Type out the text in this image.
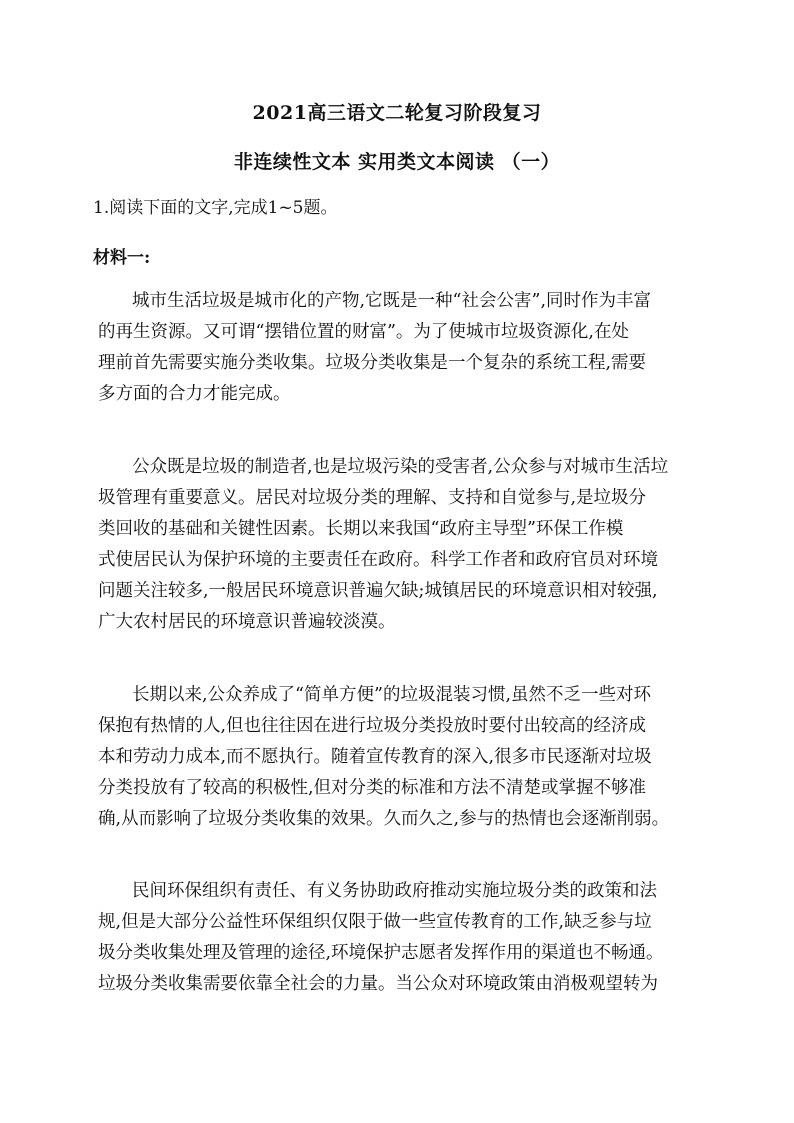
2021高三语文二轮复习阶段复习
非连续性文本 实用类文本阅读 （一）
1.阅读下面的文字,完成1~5题。
材料一:

城市生活垃圾是城市化的产物,它既是一种“社会公害”,同时作为丰富
的再生资源。又可谓“摆错位置的财富”。为了使城市垃圾资源化,在处
理前首先需要实施分类收集。垃圾分类收集是一个复杂的系统工程,需要
多方面的合力才能完成。

公众既是垃圾的制造者,也是垃圾污染的受害者,公众参与对城市生活垃
圾管理有重要意义。居民对垃圾分类的理解、支持和自觉参与,是垃圾分
类回收的基础和关键性因素。长期以来我国“政府主导型”环保工作模
式使居民认为保护环境的主要责任在政府。科学工作者和政府官员对环境
问题关注较多,一般居民环境意识普遍欠缺;城镇居民的环境意识相对较强,
广大农村居民的环境意识普遍较淡漠。

长期以来,公众养成了“简单方便”的垃圾混装习惯,虽然不乏一些对环
保抱有热情的人,但也往往因在进行垃圾分类投放时要付出较高的经济成
本和劳动力成本,而不愿执行。随着宣传教育的深入,很多市民逐渐对垃圾
分类投放有了较高的积极性,但对分类的标准和方法不清楚或掌握不够准
确,从而影响了垃圾分类收集的效果。久而久之,参与的热情也会逐渐削弱。

民间环保组织有责任、有义务协助政府推动实施垃圾分类的政策和法
规,但是大部分公益性环保组织仅限于做一些宣传教育的工作,缺乏参与垃
圾分类收集处理及管理的途径,环境保护志愿者发挥作用的渠道也不畅通。
垃圾分类收集需要依靠全社会的力量。当公众对环境政策由消极观望转为
